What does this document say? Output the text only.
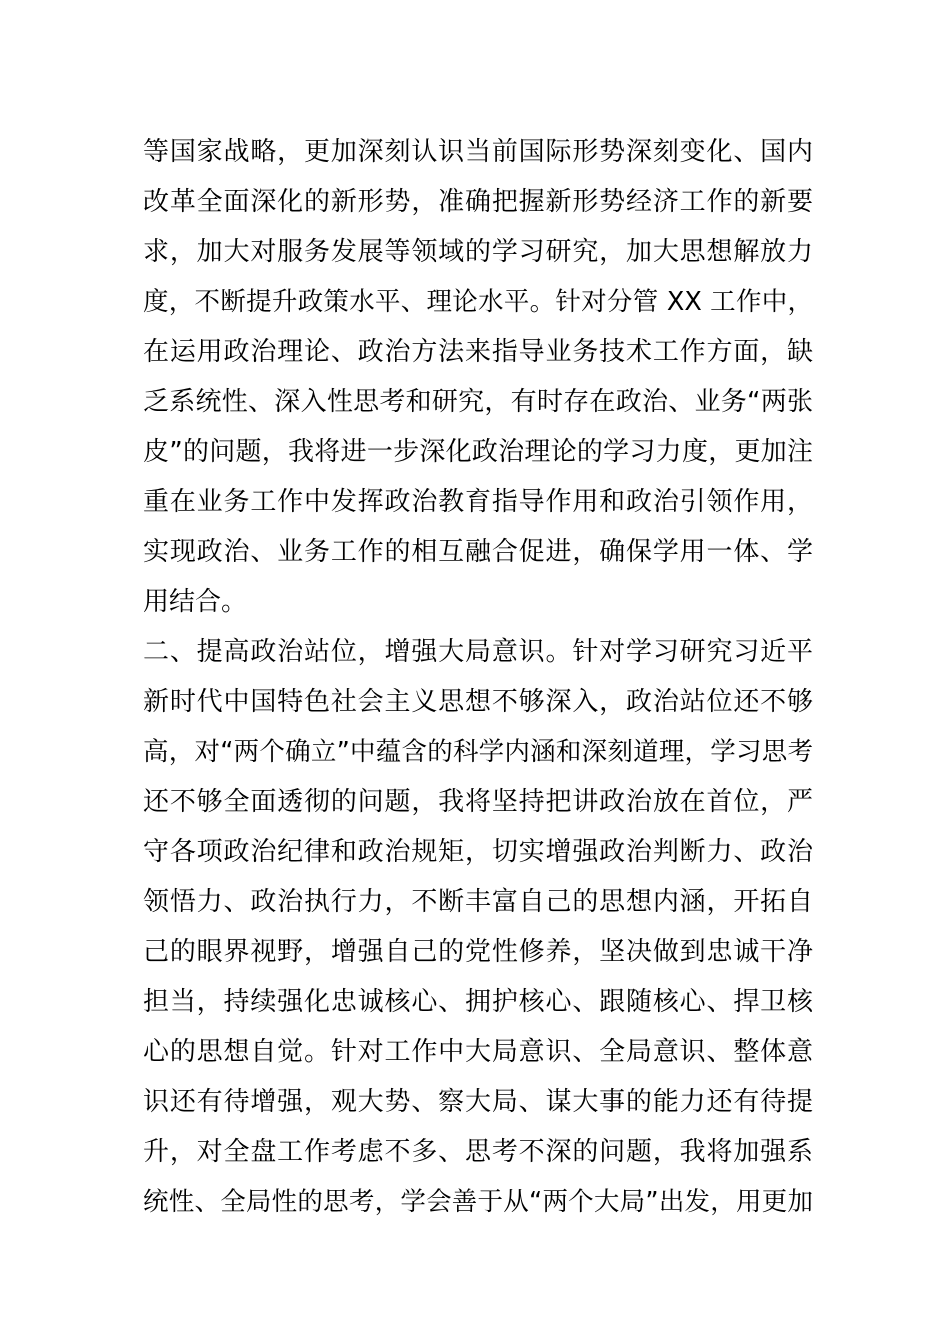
等国家战略，更加深刻认识当前国际形势深刻变化、国内
改革全面深化的新形势，准确把握新形势经济工作的新要
求，加大对服务发展等领域的学习研究，加大思想解放力
度，不断提升政策水平、理论水平。针对分管 XX 工作中，
在运用政治理论、政治方法来指导业务技术工作方面，缺
乏系统性、深入性思考和研究，有时存在政治、业务“两张
皮”的问题，我将进一步深化政治理论的学习力度，更加注
重在业务工作中发挥政治教育指导作用和政治引领作用，
实现政治、业务工作的相互融合促进，确保学用一体、学
用结合。
二、提高政治站位，增强大局意识。针对学习研究习近平
新时代中国特色社会主义思想不够深入，政治站位还不够
高，对“两个确立”中蕴含的科学内涵和深刻道理，学习思考
还不够全面透彻的问题，我将坚持把讲政治放在首位，严
守各项政治纪律和政治规矩，切实增强政治判断力、政治
领悟力、政治执行力，不断丰富自己的思想内涵，开拓自
己的眼界视野，增强自己的党性修养，坚决做到忠诚干净
担当，持续强化忠诚核心、拥护核心、跟随核心、捍卫核
心的思想自觉。针对工作中大局意识、全局意识、整体意
识还有待增强，观大势、察大局、谋大事的能力还有待提
升，对全盘工作考虑不多、思考不深的问题，我将加强系
统性、全局性的思考，学会善于从“两个大局”出发，用更加
